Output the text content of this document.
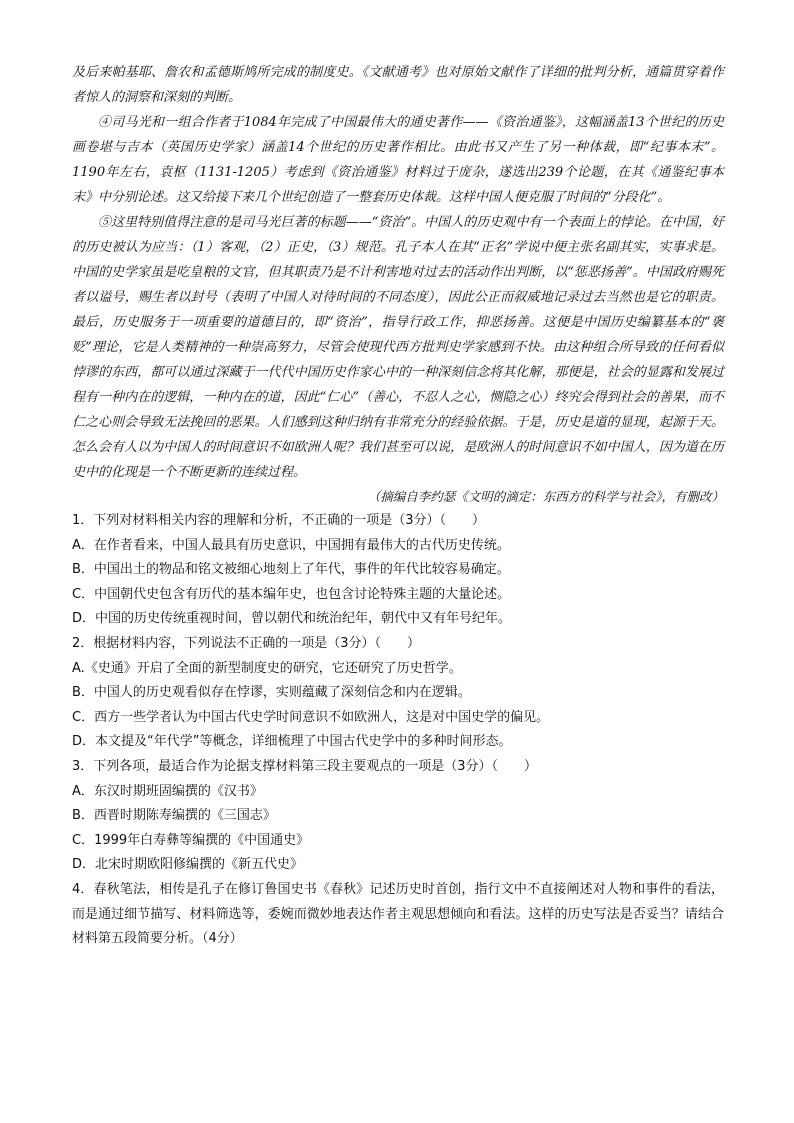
及后来帕基耶、詹农和孟德斯鸠所完成的制度史。《文献通考》也对原始文献作了详细的批判分析，通篇贯穿着作者惊人的洞察和深刻的判断。

④司马光和一组合作者于1084年完成了中国最伟大的通史著作——《资治通鉴》，这幅涵盖13个世纪的历史画卷堪与吉本（英国历史学家）涵盖14个世纪的历史著作相比。由此书又产生了另一种体裁，即“纪事本末”。1190年左右，袁枢（1131-1205）考虑到《资治通鉴》材料过于庞杂，遂选出239个论题，在其《通鉴纪事本末》中分别论述。这又给接下来几个世纪创造了一整套历史体裁。这样中国人便克服了时间的“分段化”。

⑤这里特别值得注意的是司马光巨著的标题——“资治”。中国人的历史观中有一个表面上的悖论。在中国，好的历史被认为应当：（1）客观，（2）正史，（3）规范。孔子本人在其“正名”学说中便主张名副其实，实事求是。中国的史学家虽是吃皇粮的文官，但其职责乃是不计利害地对过去的活动作出判断，以“惩恶扬善”。中国政府赐死者以谥号，赐生者以封号（表明了中国人对待时间的不同态度），因此公正而叙威地记录过去当然也是它的职责。最后，历史服务于一项重要的道德目的，即“资治”，指导行政工作，抑恶扬善。这便是中国历史编纂基本的“褒贬”理论，它是人类精神的一种崇高努力，尽管会使现代西方批判史学家感到不快。由这种组合所导致的任何看似悖谬的东西，都可以通过深藏于一代代中国历史作家心中的一种深刻信念将其化解，那便是，社会的显露和发展过程有一种内在的逻辑，一种内在的道，因此“仁心”（善心，不忍人之心，恻隐之心）终究会得到社会的善果，而不仁之心则会导致无法挽回的恶果。人们感到这种归纳有非常充分的经验依据。于是，历史是道的显现，起源于天。怎么会有人以为中国人的时间意识不如欧洲人呢？我们甚至可以说，是欧洲人的时间意识不如中国人，因为道在历史中的化现是一个不断更新的连续过程。

（摘编自李约瑟《文明的滴定：东西方的科学与社会》，有删改）

1．下列对材料相关内容的理解和分析，不正确的一项是（3分）（　　）

A．在作者看来，中国人最具有历史意识，中国拥有最伟大的古代历史传统。

B．中国出土的物品和铭文被细心地刻上了年代，事件的年代比较容易确定。

C．中国朝代史包含有历代的基本编年史，也包含讨论特殊主题的大量论述。

D．中国的历史传统重视时间，曾以朝代和统治纪年，朝代中又有年号纪年。

2．根据材料内容，下列说法不正确的一项是（3分）（　　）

A.《史通》开启了全面的新型制度史的研究，它还研究了历史哲学。

B．中国人的历史观看似存在悖谬，实则蕴藏了深刻信念和内在逻辑。

C．西方一些学者认为中国古代史学时间意识不如欧洲人，这是对中国史学的偏见。

D．本文提及“年代学”等概念，详细梳理了中国古代史学中的多种时间形态。

3．下列各项，最适合作为论据支撑材料第三段主要观点的一项是（3分）（　　）

A．东汉时期班固编撰的《汉书》

B．西晋时期陈寿编撰的《三国志》

C．1999年白寿彝等编撰的《中国通史》

D．北宋时期欧阳修编撰的《新五代史》

4．春秋笔法，相传是孔子在修订鲁国史书《春秋》记述历史时首创，指行文中不直接阐述对人物和事件的看法，而是通过细节描写、材料筛选等，委婉而微妙地表达作者主观思想倾向和看法。这样的历史写法是否妥当？请结合材料第五段简要分析。（4分）
